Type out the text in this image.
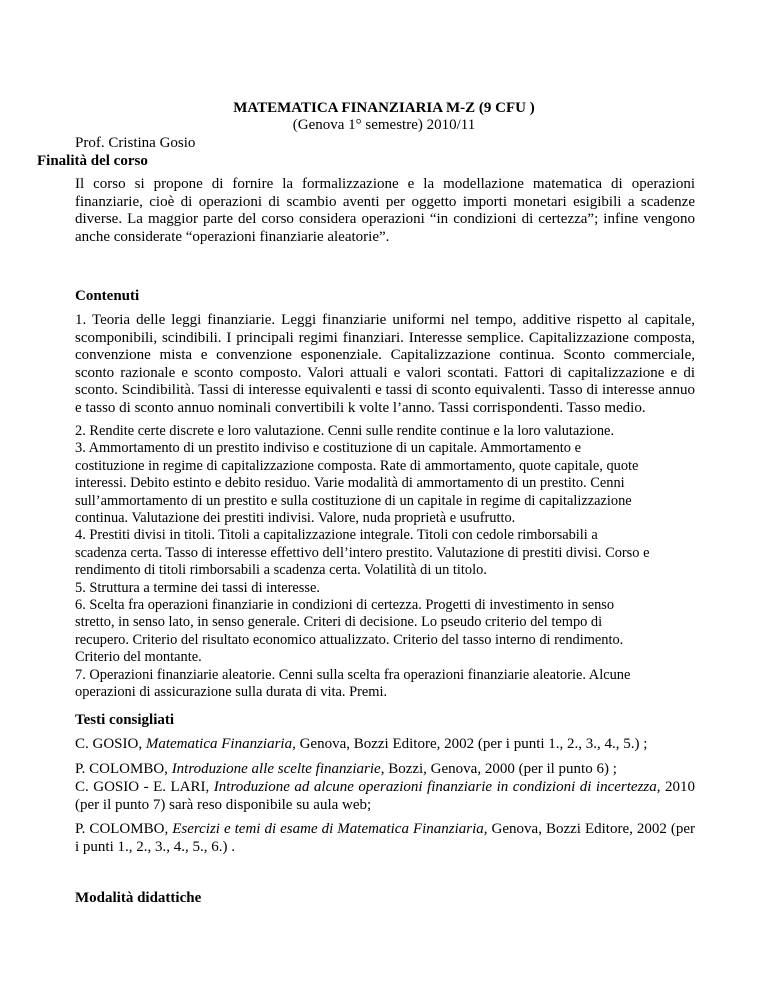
MATEMATICA FINANZIARIA M-Z (9 CFU )
(Genova 1° semestre) 2010/11
Prof. Cristina Gosio
Finalità del corso

Il corso si propone di fornire la formalizzazione e la modellazione matematica di operazioni finanziarie, cioè di operazioni di scambio aventi per oggetto importi monetari esigibili a scadenze diverse. La maggior parte del corso considera operazioni “in condizioni di certezza”; infine vengono anche considerate “operazioni finanziarie aleatorie”.

Contenuti

1. Teoria delle leggi finanziarie. Leggi finanziarie uniformi nel tempo, additive rispetto al capitale, scomponibili, scindibili. I principali regimi finanziari. Interesse semplice. Capitalizzazione composta, convenzione mista e convenzione esponenziale. Capitalizzazione continua. Sconto commerciale, sconto razionale e sconto composto. Valori attuali e valori scontati. Fattori di capitalizzazione e di sconto. Scindibilità. Tassi di interesse equivalenti e tassi di sconto equivalenti. Tasso di interesse annuo e tasso di sconto annuo nominali convertibili k volte l’anno. Tassi corrispondenti. Tasso medio.

2. Rendite certe discrete e loro valutazione. Cenni sulle rendite continue e la loro valutazione.
3. Ammortamento di un prestito indiviso e costituzione di un capitale. Ammortamento e
costituzione in regime di capitalizzazione composta. Rate di ammortamento, quote capitale, quote
interessi. Debito estinto e debito residuo. Varie modalità di ammortamento di un prestito. Cenni
sull’ammortamento di un prestito e sulla costituzione di un capitale in regime di capitalizzazione
continua. Valutazione dei prestiti indivisi. Valore, nuda proprietà e usufrutto.
4. Prestiti divisi in titoli. Titoli a capitalizzazione integrale. Titoli con cedole rimborsabili a
scadenza certa. Tasso di interesse effettivo dell’intero prestito. Valutazione di prestiti divisi. Corso e
rendimento di titoli rimborsabili a scadenza certa. Volatilità di un titolo.
5. Struttura a termine dei tassi di interesse.
6. Scelta fra operazioni finanziarie in condizioni di certezza. Progetti di investimento in senso
stretto, in senso lato, in senso generale. Criteri di decisione. Lo pseudo criterio del tempo di
recupero. Criterio del risultato economico attualizzato. Criterio del tasso interno di rendimento.
Criterio del montante.
7. Operazioni finanziarie aleatorie. Cenni sulla scelta fra operazioni finanziarie aleatorie. Alcune
operazioni di assicurazione sulla durata di vita. Premi.
Testi consigliati
C. GOSIO, Matematica Finanziaria, Genova, Bozzi Editore, 2002 (per i punti 1., 2., 3., 4., 5.) ;
P. COLOMBO, Introduzione alle scelte finanziarie, Bozzi, Genova, 2000 (per il punto 6) ;
C. GOSIO - E. LARI, Introduzione ad alcune operazioni finanziarie in condizioni di incertezza, 2010 (per il punto 7) sarà reso disponibile su aula web;
P. COLOMBO, Esercizi e temi di esame di Matematica Finanziaria, Genova, Bozzi Editore, 2002 (per i punti 1., 2., 3., 4., 5., 6.) .
Modalità didattiche
